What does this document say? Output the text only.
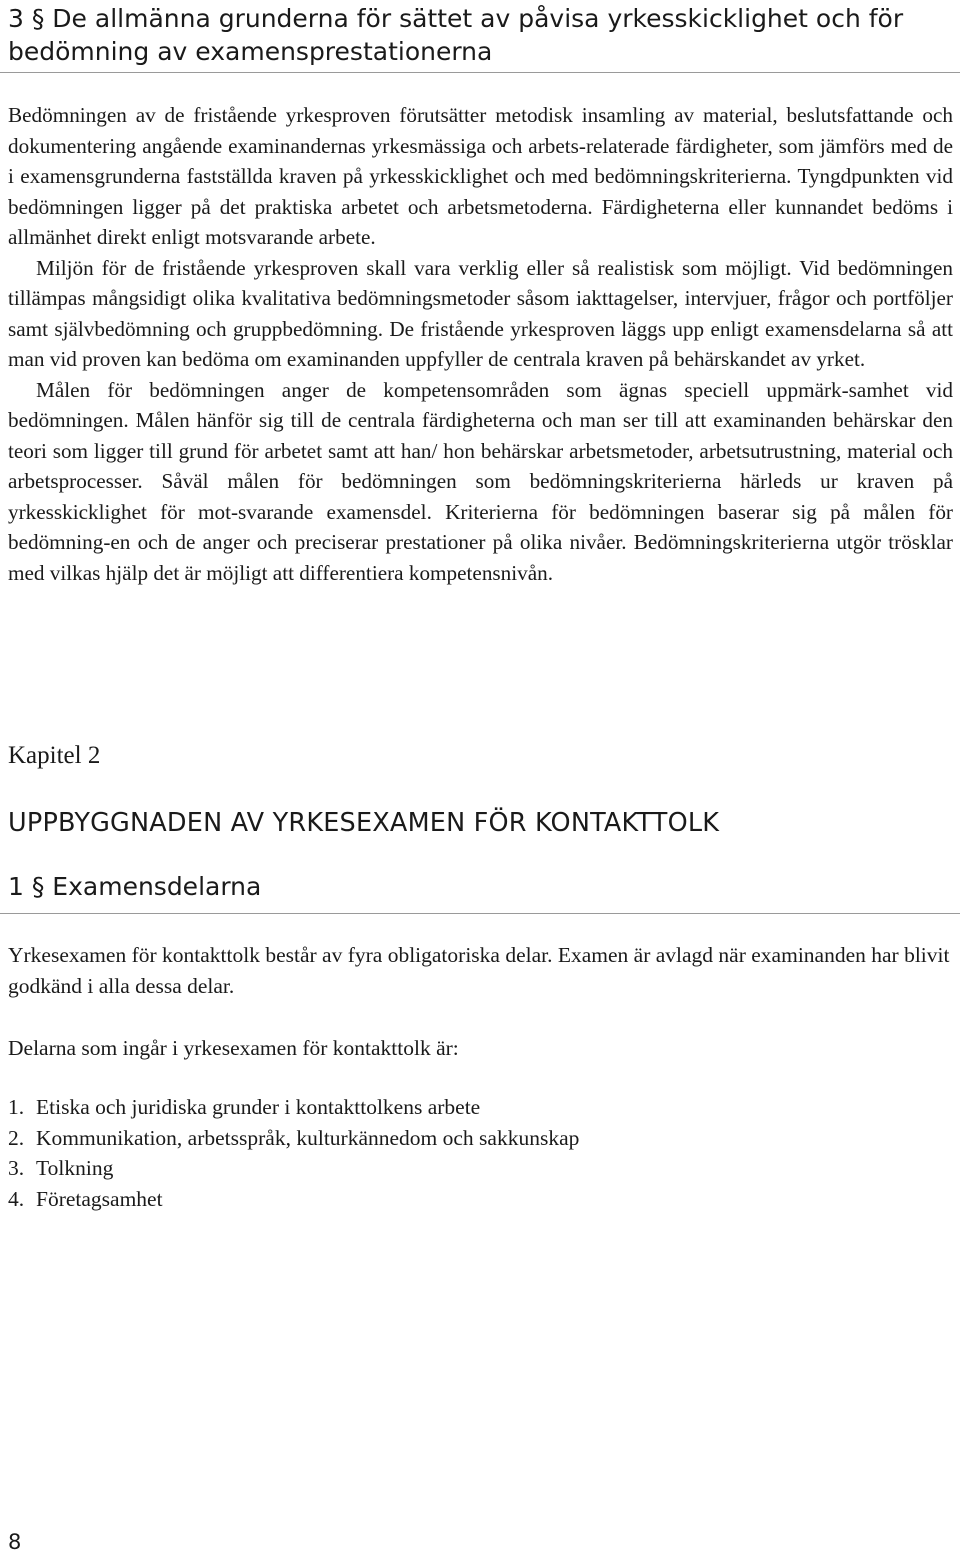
3 § De allmänna grunderna för sättet av påvisa yrkesskicklighet och för bedömning av examensprestationerna

Bedömningen av de fristående yrkesproven förutsätter metodisk insamling av material, beslutsfattande och dokumentering angående examinandernas yrkesmässiga och arbets-relaterade färdigheter, som jämförs med de i examensgrunderna fastställda kraven på yrkesskicklighet och med bedömningskriterierna. Tyngdpunkten vid bedömningen ligger på det praktiska arbetet och arbetsmetoderna. Färdigheterna eller kunnandet bedöms i allmänhet direkt enligt motsvarande arbete.

Miljön för de fristående yrkesproven skall vara verklig eller så realistisk som möjligt. Vid bedömningen tillämpas mångsidigt olika kvalitativa bedömningsmetoder såsom iakttagelser, intervjuer, frågor och portföljer samt självbedömning och gruppbedömning. De fristående yrkesproven läggs upp enligt examensdelarna så att man vid proven kan bedöma om examinanden uppfyller de centrala kraven på behärskandet av yrket.

Målen för bedömningen anger de kompetensområden som ägnas speciell uppmärk-samhet vid bedömningen. Målen hänför sig till de centrala färdigheterna och man ser till att examinanden behärskar den teori som ligger till grund för arbetet samt att han/ hon behärskar arbetsmetoder, arbetsutrustning, material och arbetsprocesser. Såväl målen för bedömningen som bedömningskriterierna härleds ur kraven på yrkesskicklighet för mot-svarande examensdel. Kriterierna för bedömningen baserar sig på målen för bedömning-en och de anger och preciserar prestationer på olika nivåer. Bedömningskriterierna utgör trösklar med vilkas hjälp det är möjligt att differentiera kompetensnivån.

Kapitel 2
UPPBYGGNADEN AV YRKESEXAMEN FÖR KONTAKTTOLK
1 § Examensdelarna

Yrkesexamen för kontakttolk består av fyra obligatoriska delar. Examen är avlagd när examinanden har blivit godkänd i alla dessa delar.

Delarna som ingår i yrkesexamen för kontakttolk är:

1. Etiska och juridiska grunder i kontakttolkens arbete
2. Kommunikation, arbetsspråk, kulturkännedom och sakkunskap
3. Tolkning
4. Företagsamhet
8
